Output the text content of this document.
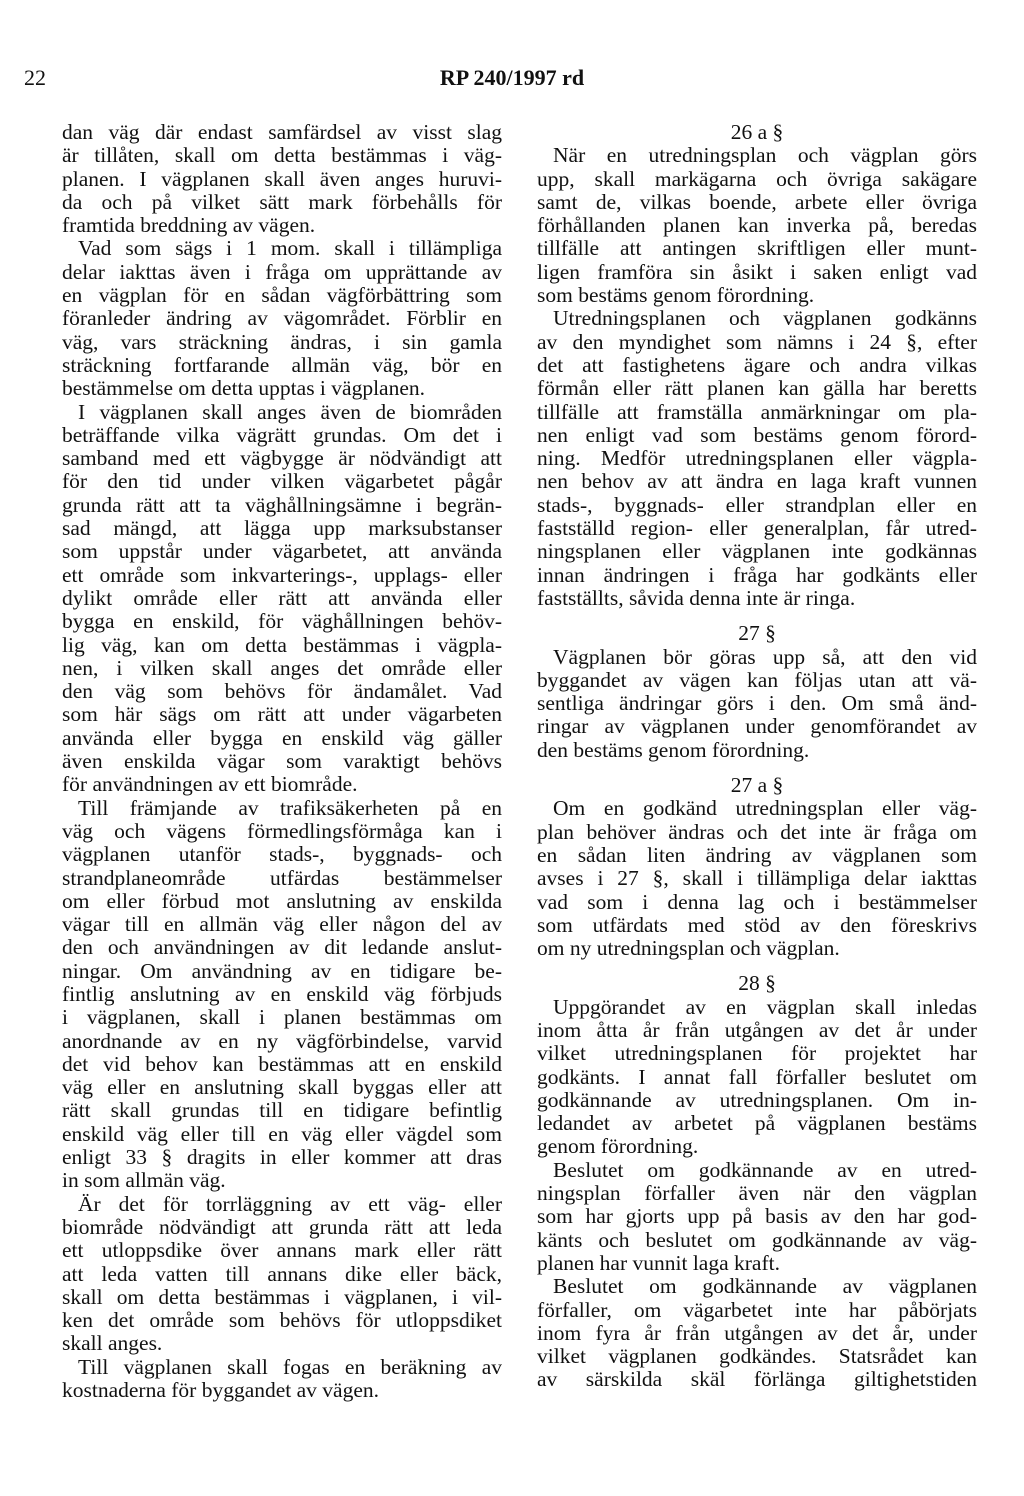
22	RP 240/1997 rd
dan väg där endast samfärdsel av visst slag
är tillåten, skall om detta bestämmas i väg-
planen. I vägplanen skall även anges huruvi-
da och på vilket sätt mark förbehålls för
framtida breddning av vägen.
Vad som sägs i 1 mom. skall i tillämpliga
delar iakttas även i fråga om upprättande av
en vägplan för en sådan vägförbättring som
föranleder ändring av vägområdet. Förblir en
väg, vars sträckning ändras, i sin gamla
sträckning fortfarande allmän väg, bör en
bestämmelse om detta upptas i vägplanen.
I vägplanen skall anges även de biområden
beträffande vilka vägrätt grundas. Om det i
samband med ett vägbygge är nödvändigt att
för den tid under vilken vägarbetet pågår
grunda rätt att ta väghållningsämne i begrän-
sad mängd, att lägga upp marksubstanser
som uppstår under vägarbetet, att använda
ett område som inkvarterings-, upplags- eller
dylikt område eller rätt att använda eller
bygga en enskild, för väghållningen behöv-
lig väg, kan om detta bestämmas i vägpla-
nen, i vilken skall anges det område eller
den väg som behövs för ändamålet. Vad
som här sägs om rätt att under vägarbeten
använda eller bygga en enskild väg gäller
även enskilda vägar som varaktigt behövs
för användningen av ett biområde.
Till främjande av trafiksäkerheten på en
väg och vägens förmedlingsförmåga kan i
vägplanen utanför stads-, byggnads- och
strandplaneområde utfärdas bestämmelser
om eller förbud mot anslutning av enskilda
vägar till en allmän väg eller någon del av
den och användningen av dit ledande anslut-
ningar. Om användning av en tidigare be-
fintlig anslutning av en enskild väg förbjuds
i vägplanen, skall i planen bestämmas om
anordnande av en ny vägförbindelse, varvid
det vid behov kan bestämmas att en enskild
väg eller en anslutning skall byggas eller att
rätt skall grundas till en tidigare befintlig
enskild väg eller till en väg eller vägdel som
enligt 33 § dragits in eller kommer att dras
in som allmän väg.
Är det för torrläggning av ett väg- eller
biområde nödvändigt att grunda rätt att leda
ett utloppsdike över annans mark eller rätt
att leda vatten till annans dike eller bäck,
skall om detta bestämmas i vägplanen, i vil-
ken det område som behövs för utloppsdiket
skall anges.
Till vägplanen skall fogas en beräkning av
kostnaderna för byggandet av vägen.
26 a §
När en utredningsplan och vägplan görs
upp, skall markägarna och övriga sakägare
samt de, vilkas boende, arbete eller övriga
förhållanden planen kan inverka på, beredas
tillfälle att antingen skriftligen eller munt-
ligen framföra sin åsikt i saken enligt vad
som bestäms genom förordning.
Utredningsplanen och vägplanen godkänns
av den myndighet som nämns i 24 §, efter
det att fastighetens ägare och andra vilkas
förmån eller rätt planen kan gälla har beretts
tillfälle att framställa anmärkningar om pla-
nen enligt vad som bestäms genom förord-
ning. Medför utredningsplanen eller vägpla-
nen behov av att ändra en laga kraft vunnen
stads-, byggnads- eller strandplan eller en
fastställd region- eller generalplan, får utred-
ningsplanen eller vägplanen inte godkännas
innan ändringen i fråga har godkänts eller
fastställts, såvida denna inte är ringa.
27 §
Vägplanen bör göras upp så, att den vid
byggandet av vägen kan följas utan att vä-
sentliga ändringar görs i den. Om små änd-
ringar av vägplanen under genomförandet av
den bestäms genom förordning.
27 a §
Om en godkänd utredningsplan eller väg-
plan behöver ändras och det inte är fråga om
en sådan liten ändring av vägplanen som
avses i 27 §, skall i tillämpliga delar iakttas
vad som i denna lag och i bestämmelser
som utfärdats med stöd av den föreskrivs
om ny utredningsplan och vägplan.
28 §
Uppgörandet av en vägplan skall inledas
inom åtta år från utgången av det år under
vilket utredningsplanen för projektet har
godkänts. I annat fall förfaller beslutet om
godkännande av utredningsplanen. Om in-
ledandet av arbetet på vägplanen bestäms
genom förordning.
Beslutet om godkännande av en utred-
ningsplan förfaller även när den vägplan
som har gjorts upp på basis av den har god-
känts och beslutet om godkännande av väg-
planen har vunnit laga kraft.
Beslutet om godkännande av vägplanen
förfaller, om vägarbetet inte har påbörjats
inom fyra år från utgången av det år, under
vilket vägplanen godkändes. Statsrådet kan
av särskilda skäl förlänga giltighetstiden
